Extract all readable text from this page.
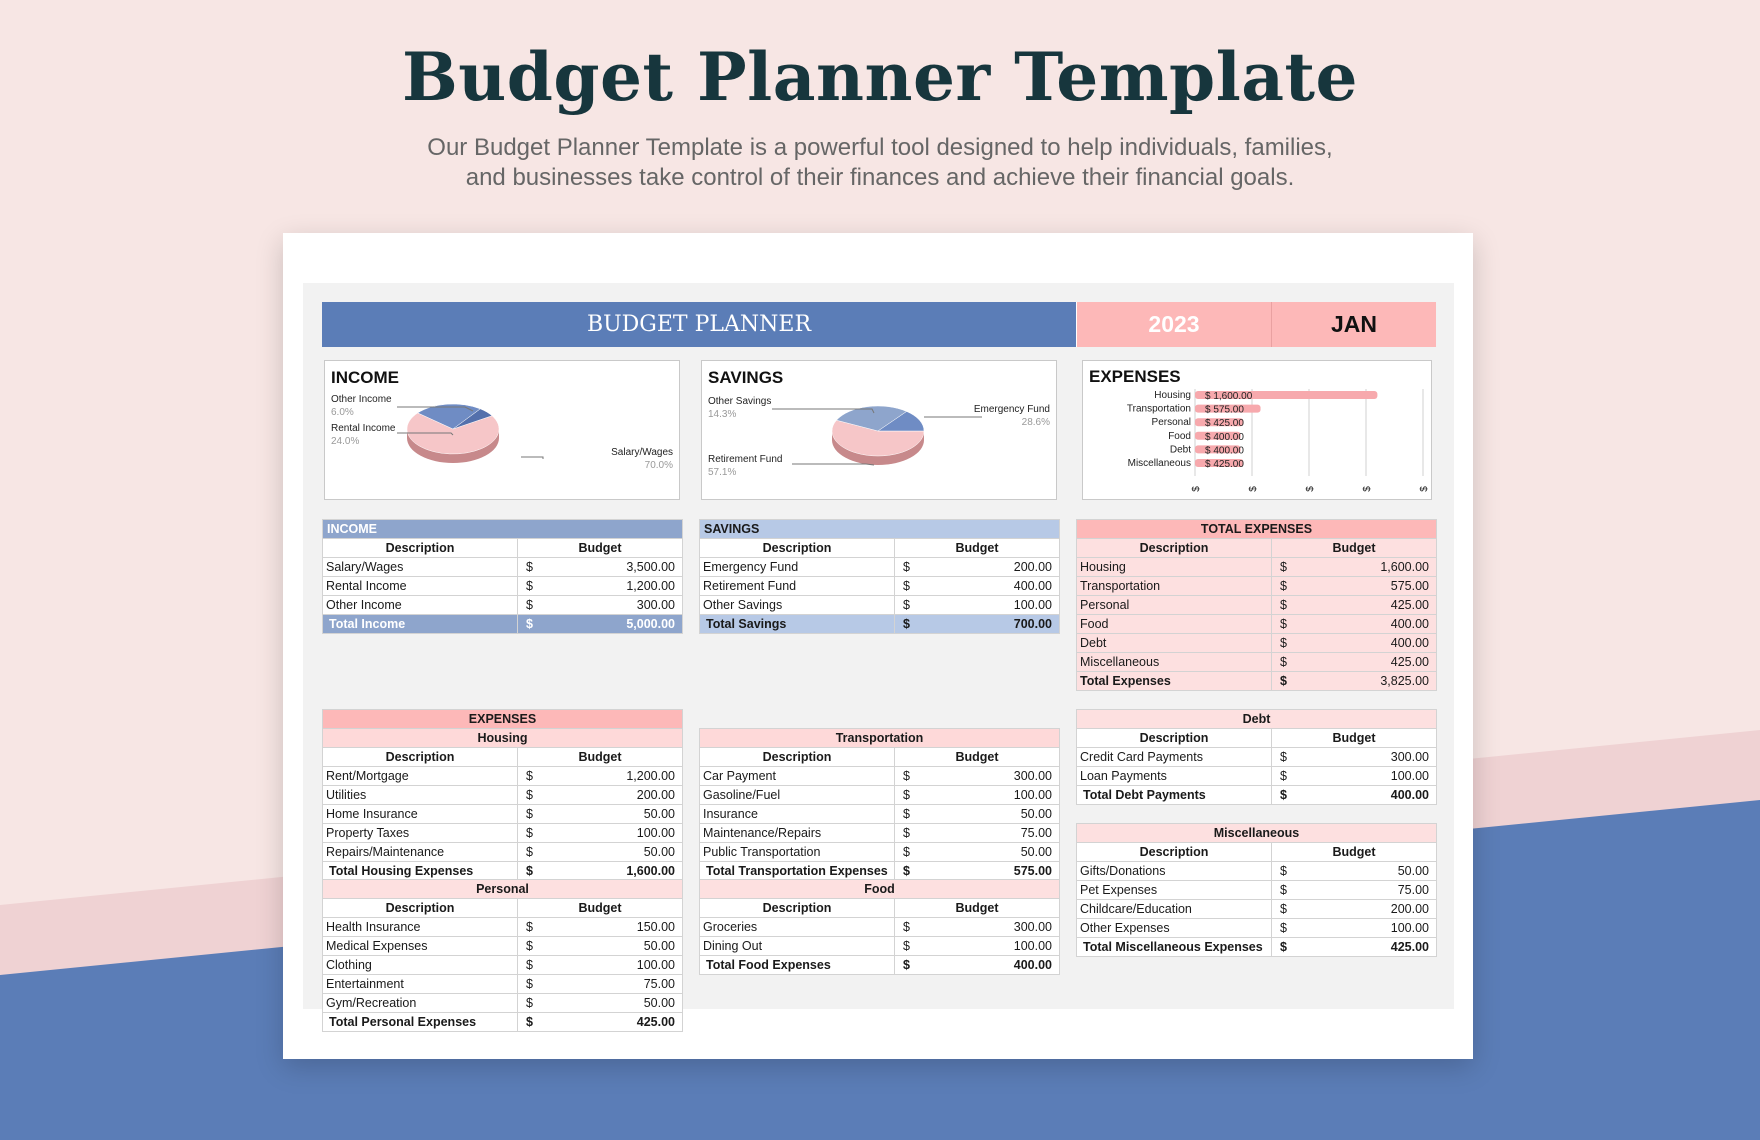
Budget Planner Template
Our Budget Planner Template is a powerful tool designed to help individuals, families,
and businesses take control of their finances and achieve their financial goals.
BUDGET PLANNER	2023	JAN
INCOME
Salary/Wages
70.0%
Rental Income
24.0%
Other Income
6.0%
SAVINGS
Retirement Fund
57.1%
Emergency Fund
28.6%
Other Savings
14.3%
EXPENSES
$	$	$	$	$
Housing $ 1,600.00
Transportation $ 575.00
Personal $ 425.00
Food $ 400.00
Debt $ 400.00
Miscellaneous $ 425.00
INCOME		
Description	Budget	
Salary/Wages	$	3,500.00
Rental Income	$	1,200.00
Other Income	$	300.00
Total Income	$	5,000.00
SAVINGS		
Description	Budget	
Emergency Fund	$	200.00
Retirement Fund	$	400.00
Other Savings	$	100.00
Total Savings	$	700.00
TOTAL EXPENSES		
Description	Budget	
Housing	$	1,600.00
Transportation	$	575.00
Personal	$	425.00
Food	$	400.00
Debt	$	400.00
Miscellaneous	$	425.00
Total Expenses	$	3,825.00
EXPENSES		
Housing		
Description	Budget	
Rent/Mortgage	$	1,200.00
Utilities	$	200.00
Home Insurance	$	50.00
Property Taxes	$	100.00
Repairs/Maintenance	$	50.00
Total Housing Expenses	$	1,600.00
Transportation		
Description	Budget	
Car Payment	$	300.00
Gasoline/Fuel	$	100.00
Insurance	$	50.00
Maintenance/Repairs	$	75.00
Public Transportation	$	50.00
Total Transportation Expenses	$	575.00
Debt		
Description	Budget	
Credit Card Payments	$	300.00
Loan Payments	$	100.00
Total Debt Payments	$	400.00
Personal		
Description	Budget	
Health Insurance	$	150.00
Medical Expenses	$	50.00
Clothing	$	100.00
Entertainment	$	75.00
Gym/Recreation	$	50.00
Total Personal Expenses	$	425.00
Food		
Description	Budget	
Groceries	$	300.00
Dining Out	$	100.00
Total Food Expenses	$	400.00
Miscellaneous		
Description	Budget	
Gifts/Donations	$	50.00
Pet Expenses	$	75.00
Childcare/Education	$	200.00
Other Expenses	$	100.00
Total Miscellaneous Expenses	$	425.00
